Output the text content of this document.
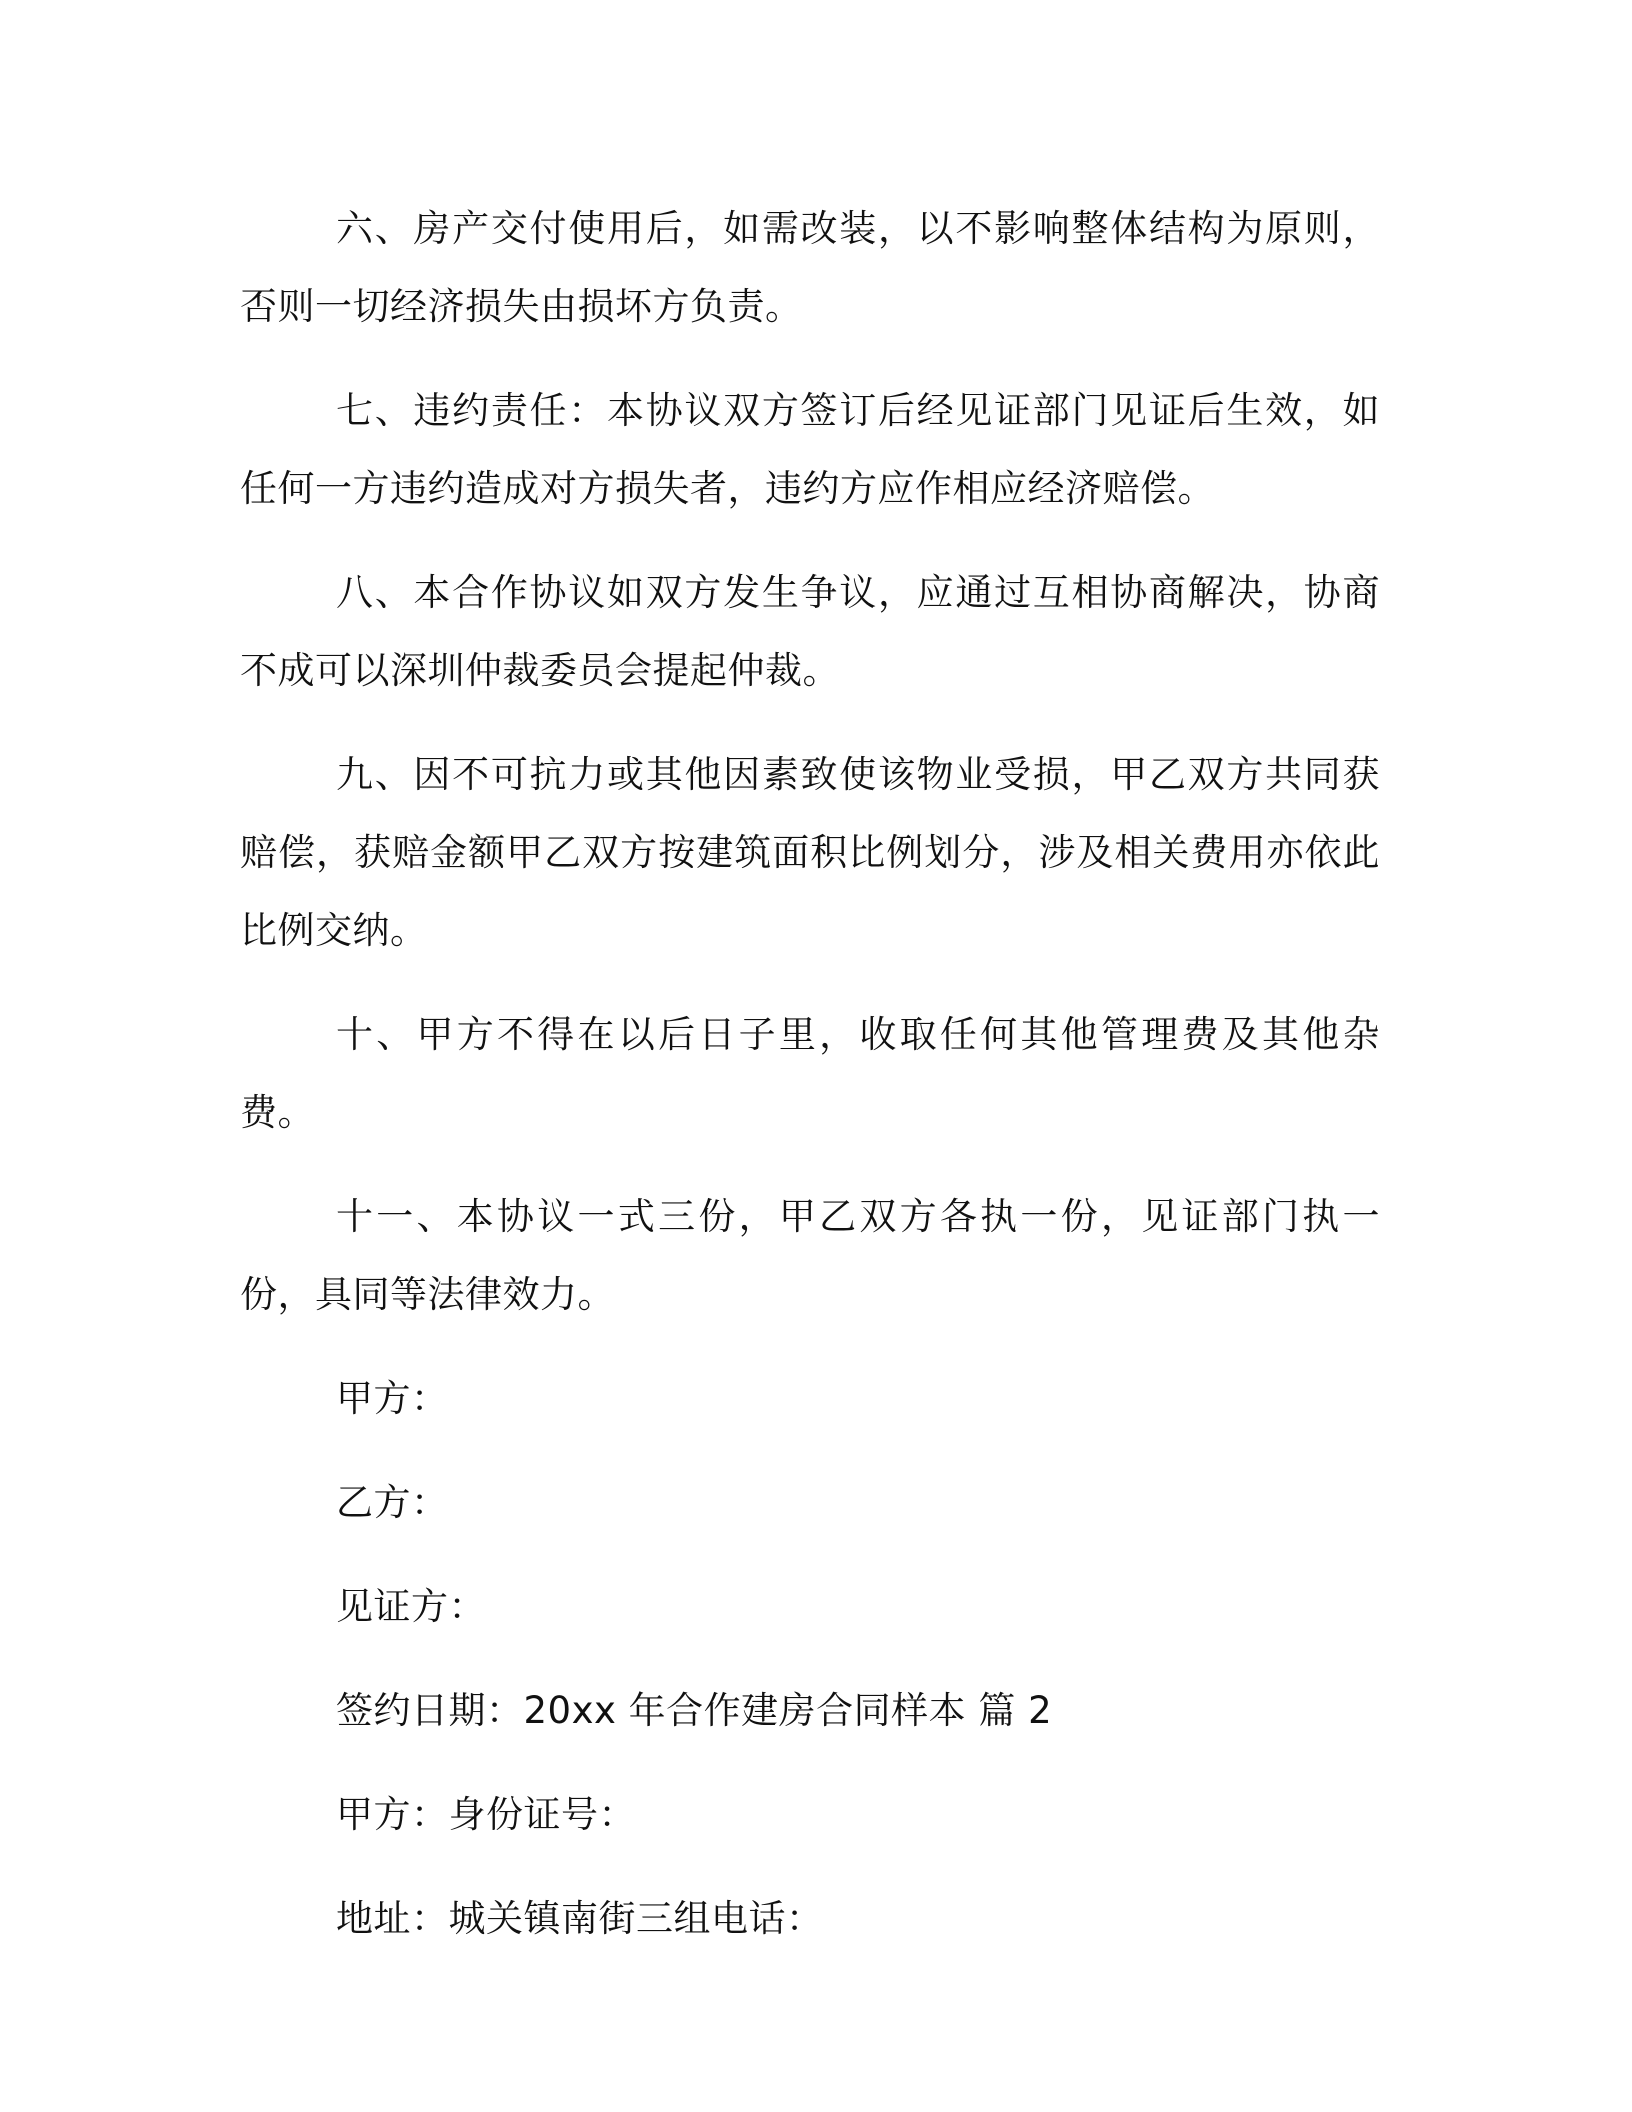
六、房产交付使用后，如需改装，以不影响整体结构为原则，否则一切经济损失由损坏方负责。

七、违约责任：本协议双方签订后经见证部门见证后生效，如任何一方违约造成对方损失者，违约方应作相应经济赔偿。

八、本合作协议如双方发生争议，应通过互相协商解决，协商不成可以深圳仲裁委员会提起仲裁。

九、因不可抗力或其他因素致使该物业受损，甲乙双方共同获赔偿，获赔金额甲乙双方按建筑面积比例划分，涉及相关费用亦依此比例交纳。

十、甲方不得在以后日子里，收取任何其他管理费及其他杂费。

十一、本协议一式三份，甲乙双方各执一份，见证部门执一份，具同等法律效力。

甲方：

乙方：

见证方：

签约日期：20xx 年合作建房合同样本 篇 2

甲方：身份证号：

地址：城关镇南街三组电话：
